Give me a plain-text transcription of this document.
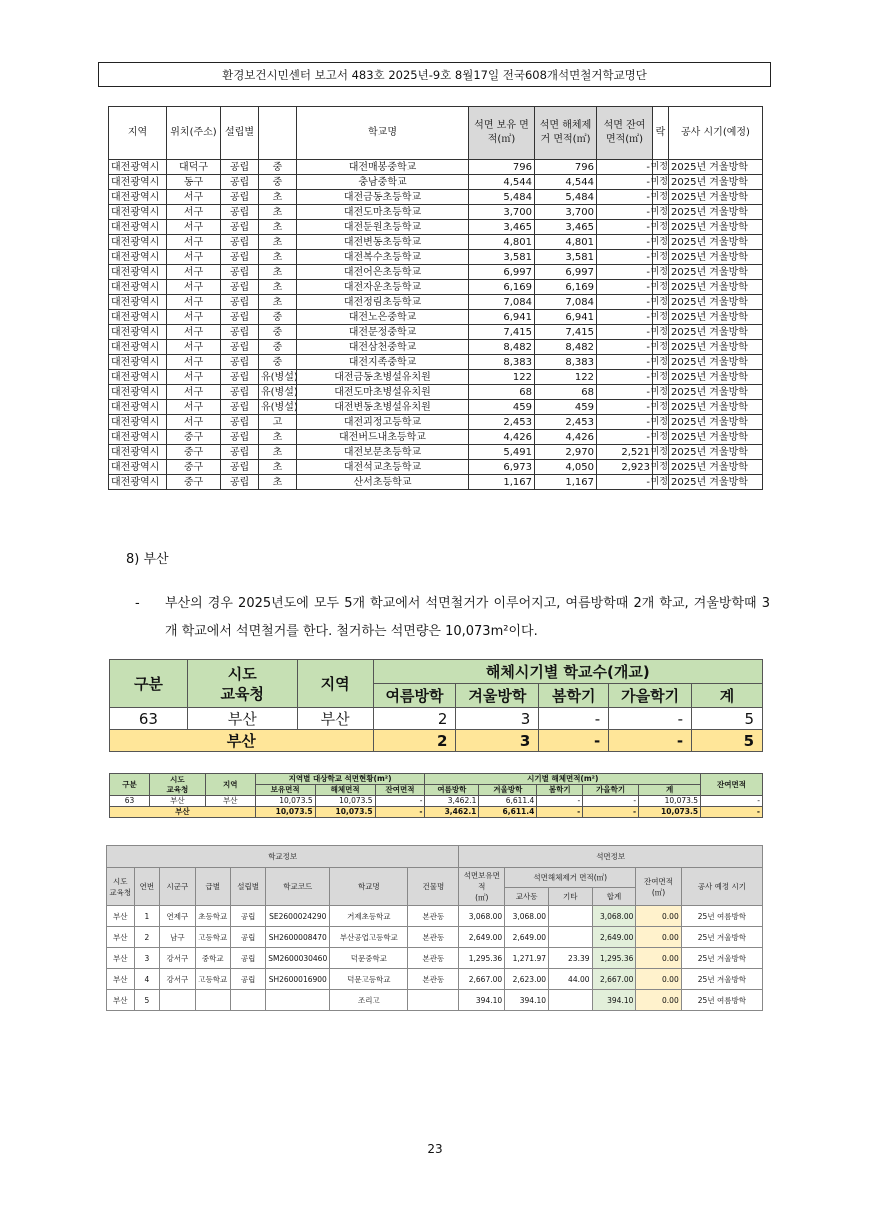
환경보건시민센터 보고서 483호 2025년-9호 8월17일 전국608개석면철거학교명단
지역	위치(주소)	설립별		학교명	석면 보유 면적(㎡)	석면 해체제거 면적(㎡)	석면 잔여면적(㎡)	락	공사 시기(예정)
대전광역시	대덕구	공립	중	대전매봉중학교	796	796	-	미정	2025년 겨울방학
대전광역시	동구	공립	중	충남중학교	4,544	4,544	-	미정	2025년 겨울방학
대전광역시	서구	공립	초	대전금동초등학교	5,484	5,484	-	미정	2025년 겨울방학
대전광역시	서구	공립	초	대전도마초등학교	3,700	3,700	-	미정	2025년 겨울방학
대전광역시	서구	공립	초	대전둔원초등학교	3,465	3,465	-	미정	2025년 겨울방학
대전광역시	서구	공립	초	대전변동초등학교	4,801	4,801	-	미정	2025년 겨울방학
대전광역시	서구	공립	초	대전복수초등학교	3,581	3,581	-	미정	2025년 겨울방학
대전광역시	서구	공립	초	대전어은초등학교	6,997	6,997	-	미정	2025년 겨울방학
대전광역시	서구	공립	초	대전자운초등학교	6,169	6,169	-	미정	2025년 겨울방학
대전광역시	서구	공립	초	대전정림초등학교	7,084	7,084	-	미정	2025년 겨울방학
대전광역시	서구	공립	중	대전노은중학교	6,941	6,941	-	미정	2025년 겨울방학
대전광역시	서구	공립	중	대전문정중학교	7,415	7,415	-	미정	2025년 겨울방학
대전광역시	서구	공립	중	대전삼천중학교	8,482	8,482	-	미정	2025년 겨울방학
대전광역시	서구	공립	중	대전지족중학교	8,383	8,383	-	미정	2025년 겨울방학
대전광역시	서구	공립	유(병설)	대전금동초병설유치원	122	122	-	미정	2025년 겨울방학
대전광역시	서구	공립	유(병설)	대전도마초병설유치원	68	68	-	미정	2025년 겨울방학
대전광역시	서구	공립	유(병설)	대전변동초병설유치원	459	459	-	미정	2025년 겨울방학
대전광역시	서구	공립	고	대전괴정고등학교	2,453	2,453	-	미정	2025년 겨울방학
대전광역시	중구	공립	초	대전버드내초등학교	4,426	4,426	-	미정	2025년 겨울방학
대전광역시	중구	공립	초	대전보문초등학교	5,491	2,970	2,521	미정	2025년 겨울방학
대전광역시	중구	공립	초	대전석교초등학교	6,973	4,050	2,923	미정	2025년 겨울방학
대전광역시	중구	공립	초	산서초등학교	1,167	1,167	-	미정	2025년 겨울방학
8) 부산
- 부산의 경우 2025년도에 모두 5개 학교에서 석면철거가 이루어지고, 여름방학때 2개 학교, 겨울방학때 3개 학교에서 석면철거를 한다. 철거하는 석면량은 10,073m²이다.
구분	시도
교육청	지역	해체시기별 학교수(개교)				
			여름방학	겨울방학	봄학기	가을학기	계
63	부산	부산	2	3	-	-	5
부산			2	3	-	-	5
구분	시도
교육청	지역	지역별 대상학교 석면현황(m²)			시기별 해체면적(m²)					잔여면적
			보유면적	해체면적	잔여면적	여름방학	겨울방학	봄학기	가을학기	계	
63	부산	부산	10,073.5	10,073.5	-	3,462.1	6,611.4	-	-	10,073.5	-
부산			10,073.5	10,073.5	-	3,462.1	6,611.4	-	-	10,073.5	-
학교정보								석면정보					
시도
교육청	연번	시군구	급별	설립별	학교코드	학교명	건물명	석면보유면
적
(㎡)	석면해체제거 면적(㎡)			잔여면적
(㎡)	공사 예정 시기
									교사동	기타	합계		
부산	1	연제구	초등학교	공립	SE2600024290	거제초등학교	본관동	3,068.00	3,068.00		3,068.00	0.00	25년 여름방학
부산	2	남구	고등학교	공립	SH2600008470	부산공업고등학교	본관동	2,649.00	2,649.00		2,649.00	0.00	25년 겨울방학
부산	3	강서구	중학교	공립	SM2600030460	덕문중학교	본관동	1,295.36	1,271.97	23.39	1,295.36	0.00	25년 겨울방학
부산	4	강서구	고등학교	공립	SH2600016900	덕문고등학교	본관동	2,667.00	2,623.00	44.00	2,667.00	0.00	25년 겨울방학
부산	5					조리고		394.10	394.10		394.10	0.00	25년 여름방학
23
